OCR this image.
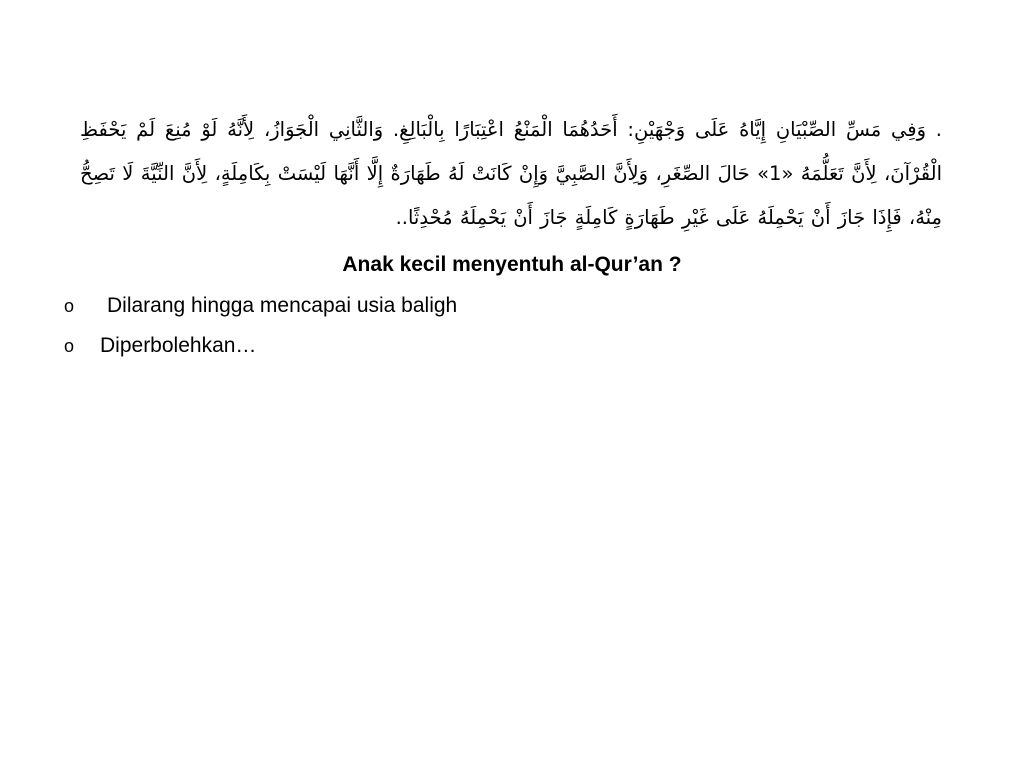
. وَفِي مَسِّ الصِّبْيَانِ إِيَّاهُ عَلَى وَجْهَيْنِ: أَحَدُهُمَا الْمَنْعُ اعْتِبَارًا بِالْبَالِغِ. وَالثَّانِي الْجَوَازُ، لِأَنَّهُ لَوْ مُنِعَ لَمْ يَحْفَظِ الْقُرْآنَ، لِأَنَّ تَعَلُّمَهُ «1» حَالَ الصِّغَرِ، وَلِأَنَّ الصَّبِيَّ وَإِنْ كَانَتْ لَهُ طَهَارَةٌ إِلَّا أَنَّهَا لَيْسَتْ بِكَامِلَةٍ، لِأَنَّ النِّيَّةَ لَا تَصِحُّ مِنْهُ، فَإِذَا جَازَ أَنْ يَحْمِلَهُ عَلَى غَيْرِ طَهَارَةٍ كَامِلَةٍ جَازَ أَنْ يَحْمِلَهُ مُحْدِثًا..
Anak kecil menyentuh al-Qur’an ?
o	Dilarang hingga mencapai usia baligh
o	Diperbolehkan…
